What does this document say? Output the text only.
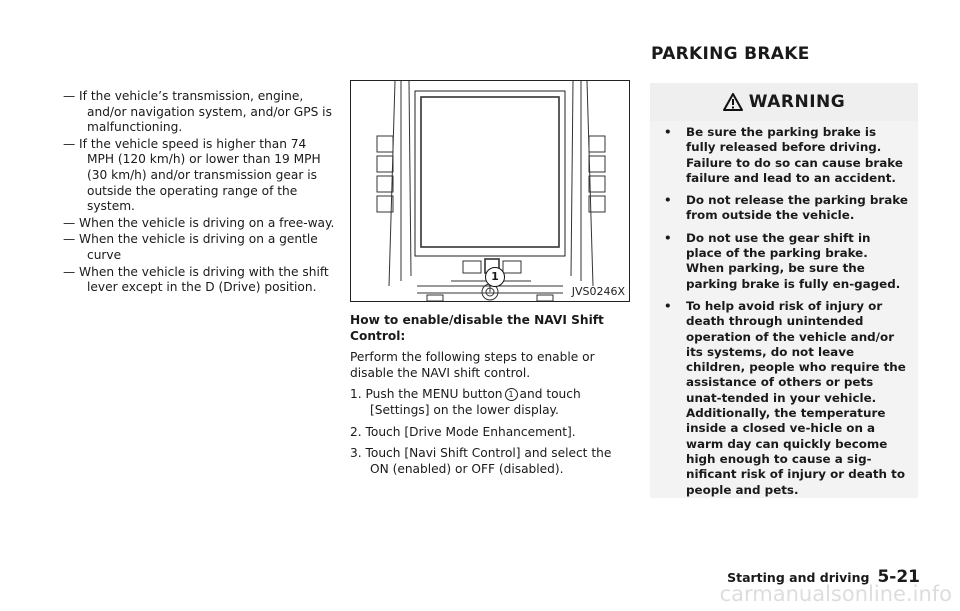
— If the vehicle’s transmission, engine, and/or navigation system, and/or GPS is malfunctioning.

— If the vehicle speed is higher than 74 MPH (120 km/h) or lower than 19 MPH (30 km/h) and/or transmission gear is outside the operating range of the system.

— When the vehicle is driving on a free-way.

— When the vehicle is driving on a gentle curve

— When the vehicle is driving with the shift lever except in the D (Drive) position.

1
JVS0246X

How to enable/disable the NAVI Shift Control:

Perform the following steps to enable or disable the NAVI shift control.

1. Push the MENU button 1 and touch [Settings] on the lower display.

2. Touch [Drive Mode Enhancement].

3. Touch [Navi Shift Control] and select the ON (enabled) or OFF (disabled).

PARKING BRAKE
WARNING

• Be sure the parking brake is fully released before driving. Failure to do so can cause brake failure and lead to an accident.

• Do not release the parking brake from outside the vehicle.

• Do not use the gear shift in place of the parking brake. When parking, be sure the parking brake is fully en-gaged.

• To help avoid risk of injury or death through unintended operation of the vehicle and/or its systems, do not leave children, people who require the assistance of others or pets unat-tended in your vehicle. Additionally, the temperature inside a closed ve-hicle on a warm day can quickly become high enough to cause a sig-nificant risk of injury or death to people and pets.

Starting and driving 5-21
carmanualsonline.info
